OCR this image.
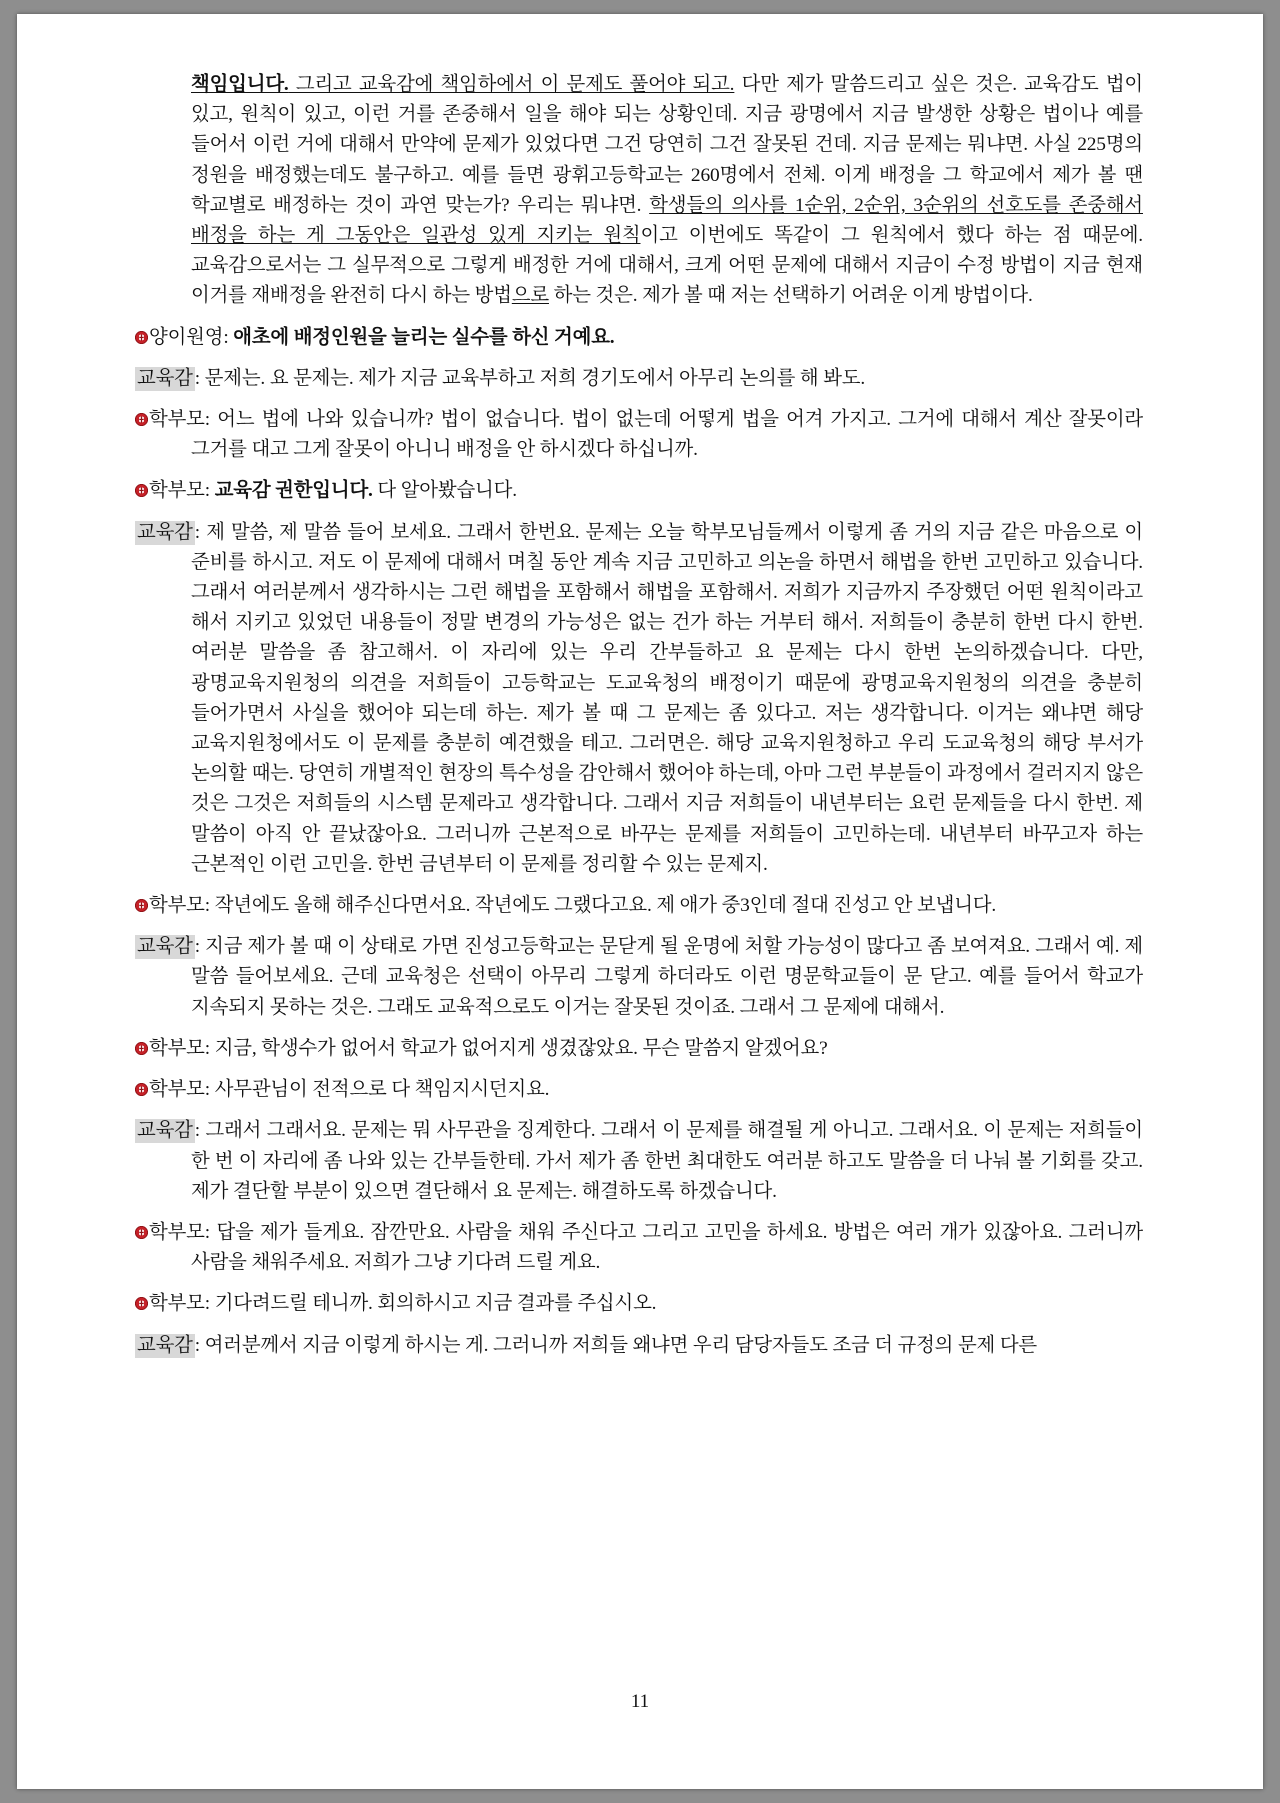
책임입니다. 그리고 교육감에 책임하에서 이 문제도 풀어야 되고. 다만 제가 말씀드리고 싶은 것은. 교육감도 법이 있고, 원칙이 있고, 이런 거를 존중해서 일을 해야 되는 상황인데. 지금 광명에서 지금 발생한 상황은 법이나 예를 들어서 이런 거에 대해서 만약에 문제가 있었다면 그건 당연히 그건 잘못된 건데. 지금 문제는 뭐냐면. 사실 225명의 정원을 배정했는데도 불구하고. 예를 들면 광휘고등학교는 260명에서 전체. 이게 배정을 그 학교에서 제가 볼 땐 학교별로 배정하는 것이 과연 맞는가? 우리는 뭐냐면. 학생들의 의사를 1순위, 2순위, 3순위의 선호도를 존중해서 배정을 하는 게 그동안은 일관성 있게 지키는 원칙이고 이번에도 똑같이 그 원칙에서 했다 하는 점 때문에. 교육감으로서는 그 실무적으로 그렇게 배정한 거에 대해서, 크게 어떤 문제에 대해서 지금이 수정 방법이 지금 현재 이거를 재배정을 완전히 다시 하는 방법으로 하는 것은. 제가 볼 때 저는 선택하기 어려운 이게 방법이다.
양이원영: 애초에 배정인원을 늘리는 실수를 하신 거예요.
교육감 : 문제는. 요 문제는. 제가 지금 교육부하고 저희 경기도에서 아무리 논의를 해 봐도.
학부모: 어느 법에 나와 있습니까? 법이 없습니다. 법이 없는데 어떻게 법을 어겨 가지고. 그거에 대해서 계산 잘못이라 그거를 대고 그게 잘못이 아니니 배정을 안 하시겠다 하십니까.
학부모: 교육감 권한입니다. 다 알아봤습니다.
교육감 : 제 말씀, 제 말씀 들어 보세요. 그래서 한번요. 문제는 오늘 학부모님들께서 이렇게 좀 거의 지금 같은 마음으로 이 준비를 하시고. 저도 이 문제에 대해서 며칠 동안 계속 지금 고민하고 의논을 하면서 해법을 한번 고민하고 있습니다. 그래서 여러분께서 생각하시는 그런 해법을 포함해서 해법을 포함해서. 저희가 지금까지 주장했던 어떤 원칙이라고 해서 지키고 있었던 내용들이 정말 변경의 가능성은 없는 건가 하는 거부터 해서. 저희들이 충분히 한번 다시 한번. 여러분 말씀을 좀 참고해서. 이 자리에 있는 우리 간부들하고 요 문제는 다시 한번 논의하겠습니다. 다만, 광명교육지원청의 의견을 저희들이 고등학교는 도교육청의 배정이기 때문에 광명교육지원청의 의견을 충분히 들어가면서 사실을 했어야 되는데 하는. 제가 볼 때 그 문제는 좀 있다고. 저는 생각합니다. 이거는 왜냐면 해당 교육지원청에서도 이 문제를 충분히 예견했을 테고. 그러면은. 해당 교육지원청하고 우리 도교육청의 해당 부서가 논의할 때는. 당연히 개별적인 현장의 특수성을 감안해서 했어야 하는데, 아마 그런 부분들이 과정에서 걸러지지 않은 것은 그것은 저희들의 시스템 문제라고 생각합니다. 그래서 지금 저희들이 내년부터는 요런 문제들을 다시 한번. 제 말씀이 아직 안 끝났잖아요. 그러니까 근본적으로 바꾸는 문제를 저희들이 고민하는데. 내년부터 바꾸고자 하는 근본적인 이런 고민을. 한번 금년부터 이 문제를 정리할 수 있는 문제지.
학부모: 작년에도 올해 해주신다면서요. 작년에도 그랬다고요. 제 애가 중3인데 절대 진성고 안 보냅니다.
교육감 : 지금 제가 볼 때 이 상태로 가면 진성고등학교는 문닫게 될 운명에 처할 가능성이 많다고 좀 보여져요. 그래서 예. 제 말씀 들어보세요. 근데 교육청은 선택이 아무리 그렇게 하더라도 이런 명문학교들이 문 닫고. 예를 들어서 학교가 지속되지 못하는 것은. 그래도 교육적으로도 이거는 잘못된 것이죠. 그래서 그 문제에 대해서.
학부모: 지금, 학생수가 없어서 학교가 없어지게 생겼잖았요. 무슨 말씀지 알겠어요?
학부모: 사무관님이 전적으로 다 책임지시던지요.
교육감 : 그래서 그래서요. 문제는 뭐 사무관을 징계한다. 그래서 이 문제를 해결될 게 아니고. 그래서요. 이 문제는 저희들이 한 번 이 자리에 좀 나와 있는 간부들한테. 가서 제가 좀 한번 최대한도 여러분 하고도 말씀을 더 나눠 볼 기회를 갖고. 제가 결단할 부분이 있으면 결단해서 요 문제는. 해결하도록 하겠습니다.
학부모: 답을 제가 들게요. 잠깐만요. 사람을 채워 주신다고 그리고 고민을 하세요. 방법은 여러 개가 있잖아요. 그러니까 사람을 채워주세요. 저희가 그냥 기다려 드릴 게요.
학부모: 기다려드릴 테니까. 회의하시고 지금 결과를 주십시오.
교육감 : 여러분께서 지금 이렇게 하시는 게. 그러니까 저희들 왜냐면 우리 담당자들도 조금 더 규정의 문제 다른
11
